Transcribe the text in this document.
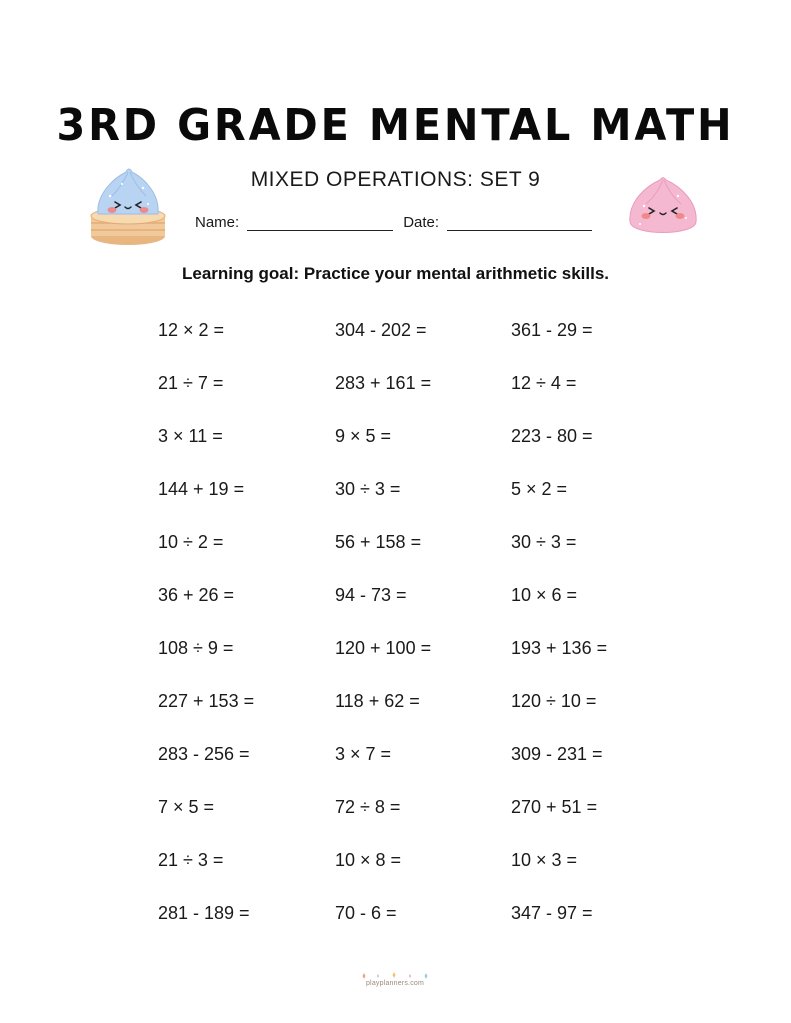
3RD GRADE MENTAL MATH
MIXED OPERATIONS: SET 9
Name:	Date:
Learning goal: Practice your mental arithmetic skills.
12 × 2 =	304 - 202 =	361 - 29 =
21 ÷ 7 =	283 + 161 =	12 ÷ 4 =
3 × 11 =	9 × 5 =	223 - 80 =
144 + 19 =	30 ÷ 3 =	5 × 2 =
10 ÷ 2 =	56 + 158 =	30 ÷ 3 =
36 + 26 =	94 - 73 =	10 × 6 =
108 ÷ 9 =	120 + 100 =	193 + 136 =
227 + 153 =	118 + 62 =	120 ÷ 10 =
283 - 256 =	3 × 7 =	309 - 231 =
7 × 5 =	72 ÷ 8 =	270 + 51 =
21 ÷ 3 =	10 × 8 =	10 × 3 =
281 - 189 =	70 - 6 =	347 - 97 =
playplanners.com
